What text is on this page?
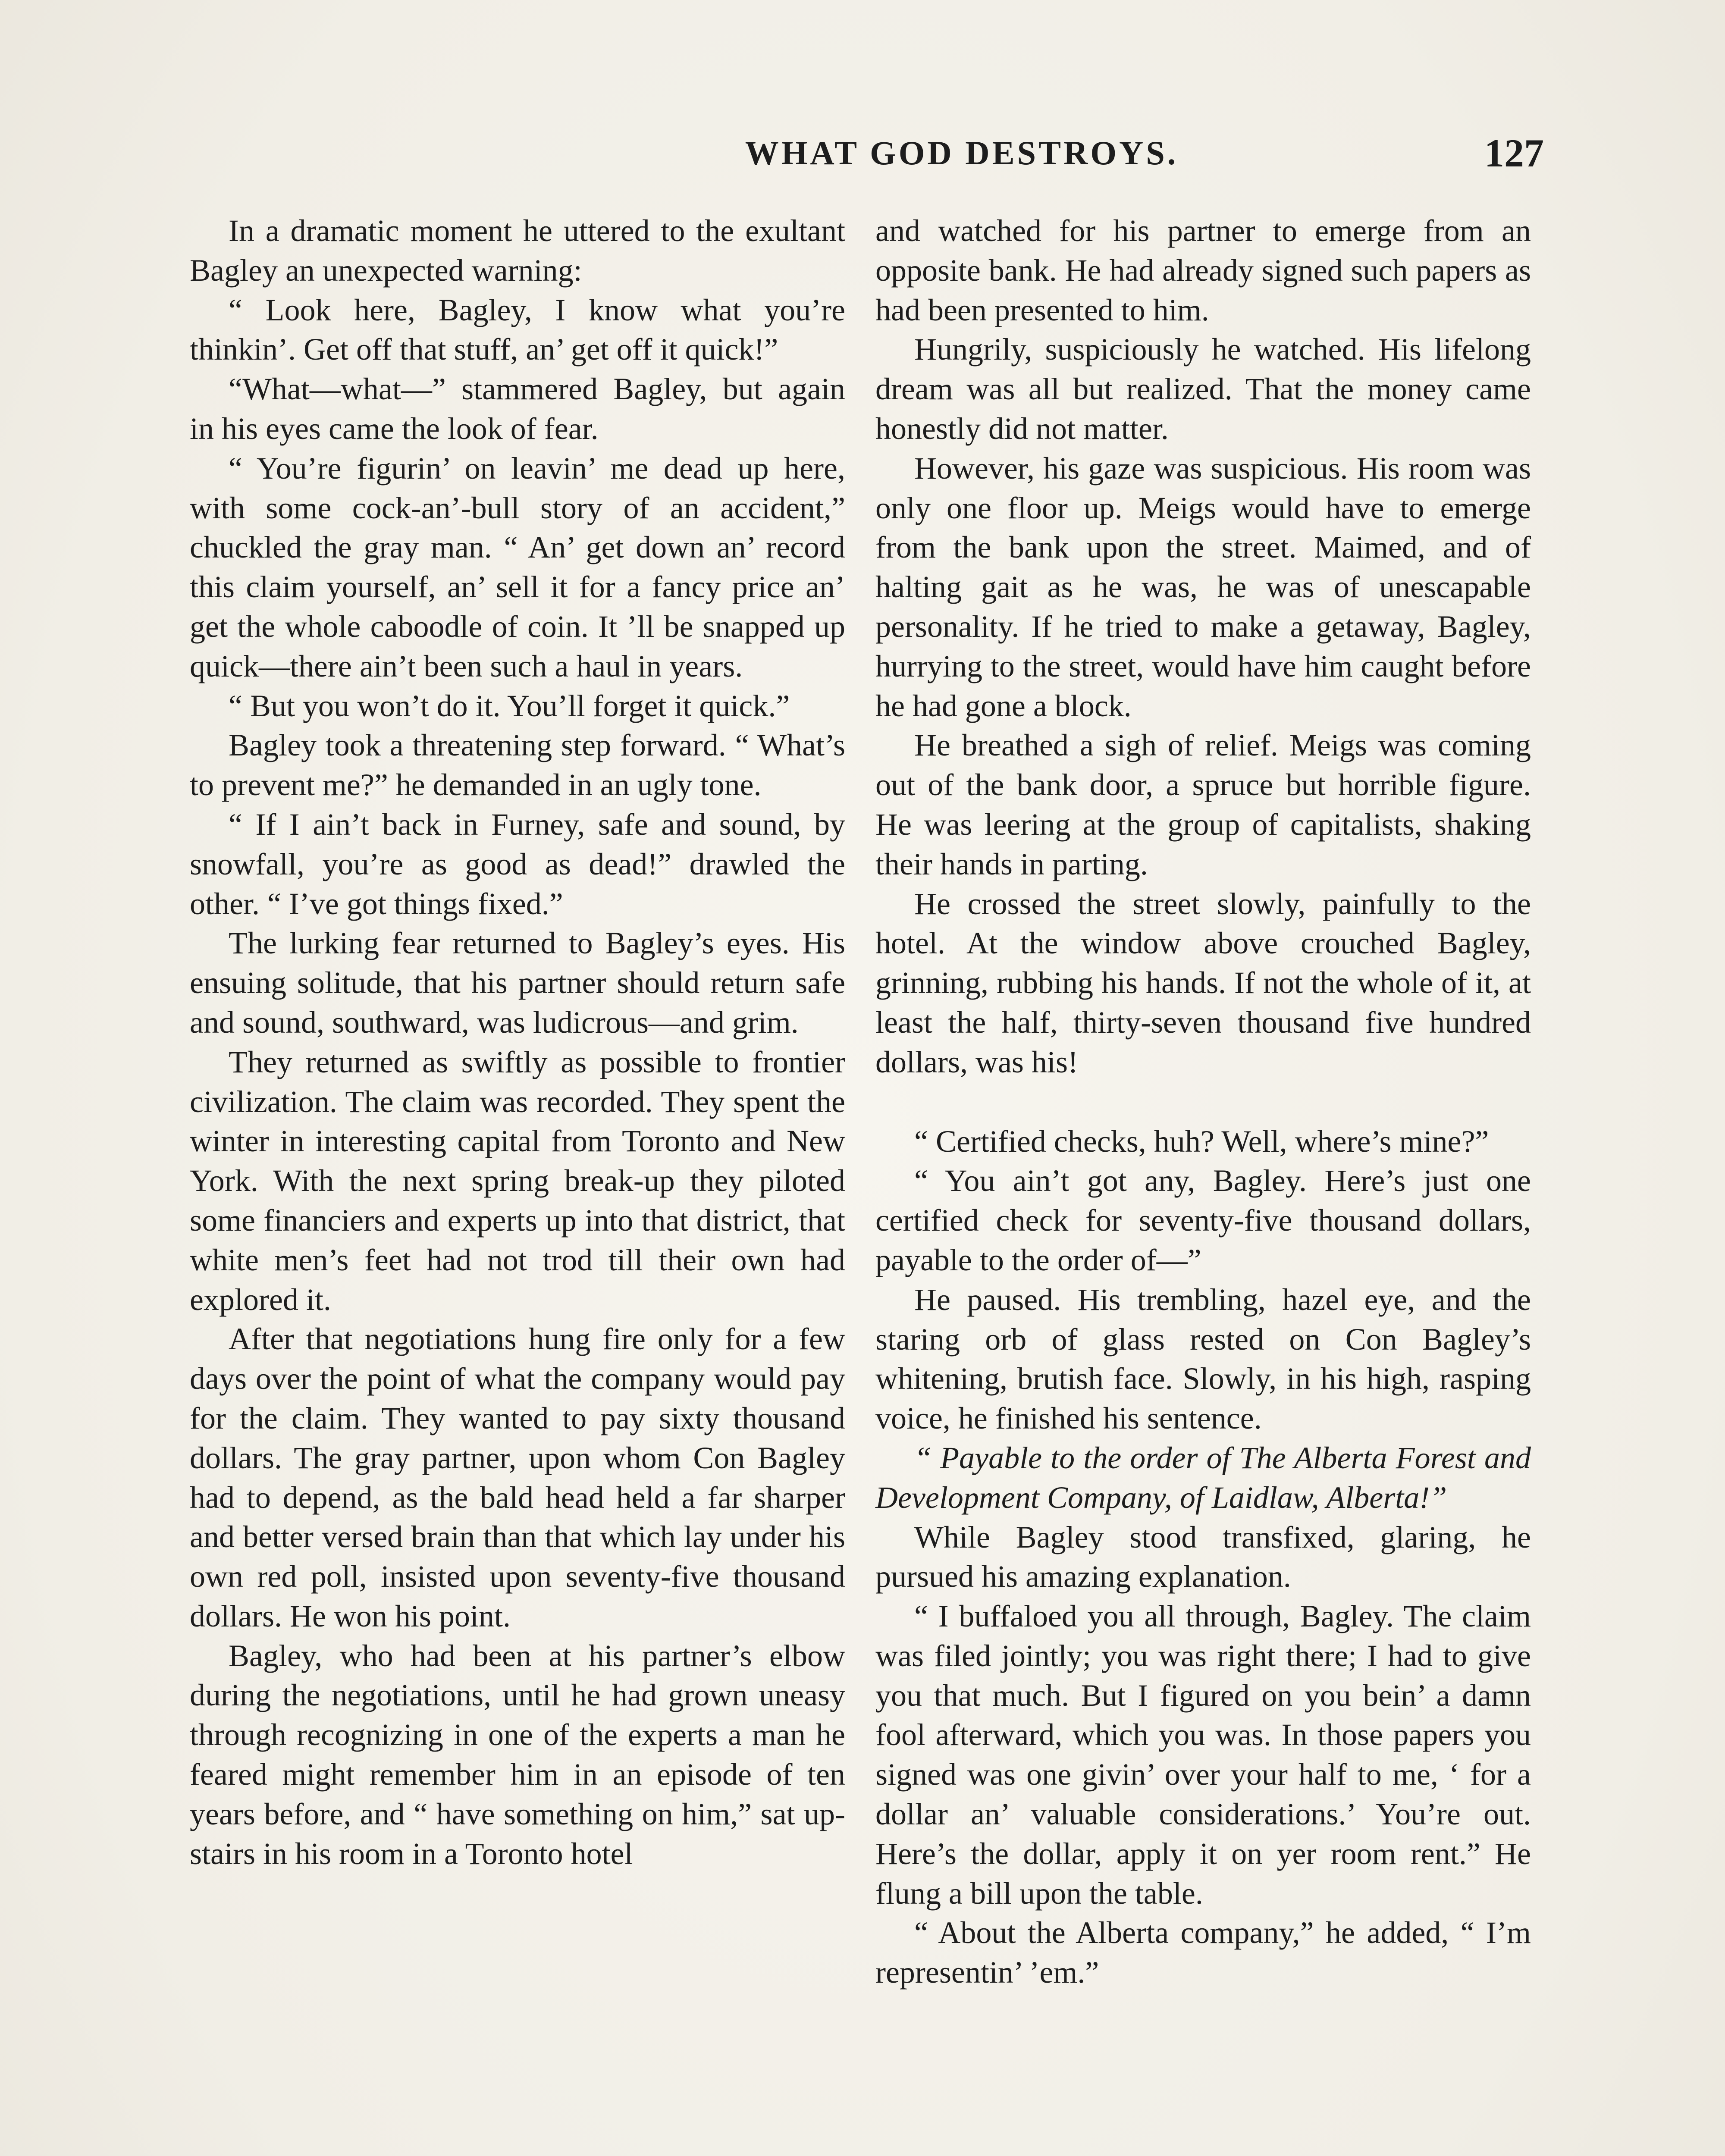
WHAT GOD DESTROYS.	127

In a dramatic moment he uttered to the exultant Bagley an unexpected warning:

“ Look here, Bagley, I know what you’re thinkin’. Get off that stuff, an’ get off it quick!”

“What—what—” stammered Bagley, but again in his eyes came the look of fear.

“ You’re figurin’ on leavin’ me dead up here, with some cock-an’-bull story of an accident,” chuckled the gray man. “ An’ get down an’ record this claim yourself, an’ sell it for a fancy price an’ get the whole caboodle of coin. It ’ll be snapped up quick—there ain’t been such a haul in years.

“ But you won’t do it. You’ll forget it quick.”

Bagley took a threatening step forward. “ What’s to prevent me?” he demanded in an ugly tone.

“ If I ain’t back in Furney, safe and sound, by snowfall, you’re as good as dead!” drawled the other. “ I’ve got things fixed.”

The lurking fear returned to Bagley’s eyes. His ensuing solitude, that his partner should return safe and sound, southward, was ludicrous—and grim.

They returned as swiftly as possible to frontier civilization. The claim was recorded. They spent the winter in interesting capital from Toronto and New York. With the next spring break-up they piloted some financiers and experts up into that district, that white men’s feet had not trod till their own had explored it.

After that negotiations hung fire only for a few days over the point of what the company would pay for the claim. They wanted to pay sixty thousand dollars. The gray partner, upon whom Con Bagley had to depend, as the bald head held a far sharper and better versed brain than that which lay under his own red poll, insisted upon seventy-five thousand dollars. He won his point.

Bagley, who had been at his partner’s elbow during the negotiations, until he had grown uneasy through recognizing in one of the experts a man he feared might remember him in an episode of ten years before, and “ have something on him,” sat up-stairs in his room in a Toronto hotel

and watched for his partner to emerge from an opposite bank. He had already signed such papers as had been presented to him.

Hungrily, suspiciously he watched. His lifelong dream was all but realized. That the money came honestly did not matter.

However, his gaze was suspicious. His room was only one floor up. Meigs would have to emerge from the bank upon the street. Maimed, and of halting gait as he was, he was of unescapable personality. If he tried to make a getaway, Bagley, hurrying to the street, would have him caught before he had gone a block.

He breathed a sigh of relief. Meigs was coming out of the bank door, a spruce but horrible figure. He was leering at the group of capitalists, shaking their hands in parting.

He crossed the street slowly, painfully to the hotel. At the window above crouched Bagley, grinning, rubbing his hands. If not the whole of it, at least the half, thirty-seven thousand five hundred dollars, was his!

“ Certified checks, huh? Well, where’s mine?”

“ You ain’t got any, Bagley. Here’s just one certified check for seventy-five thousand dollars, payable to the order of—”

He paused. His trembling, hazel eye, and the staring orb of glass rested on Con Bagley’s whitening, brutish face. Slowly, in his high, rasping voice, he finished his sentence.

“ Payable to the order of The Alberta Forest and Development Company, of Laidlaw, Alberta!”

While Bagley stood transfixed, glaring, he pursued his amazing explanation.

“ I buffaloed you all through, Bagley. The claim was filed jointly; you was right there; I had to give you that much. But I figured on you bein’ a damn fool afterward, which you was. In those papers you signed was one givin’ over your half to me, ‘ for a dollar an’ valuable considerations.’ You’re out. Here’s the dollar, apply it on yer room rent.” He flung a bill upon the table.

“ About the Alberta company,” he added, “ I’m representin’ ’em.”
